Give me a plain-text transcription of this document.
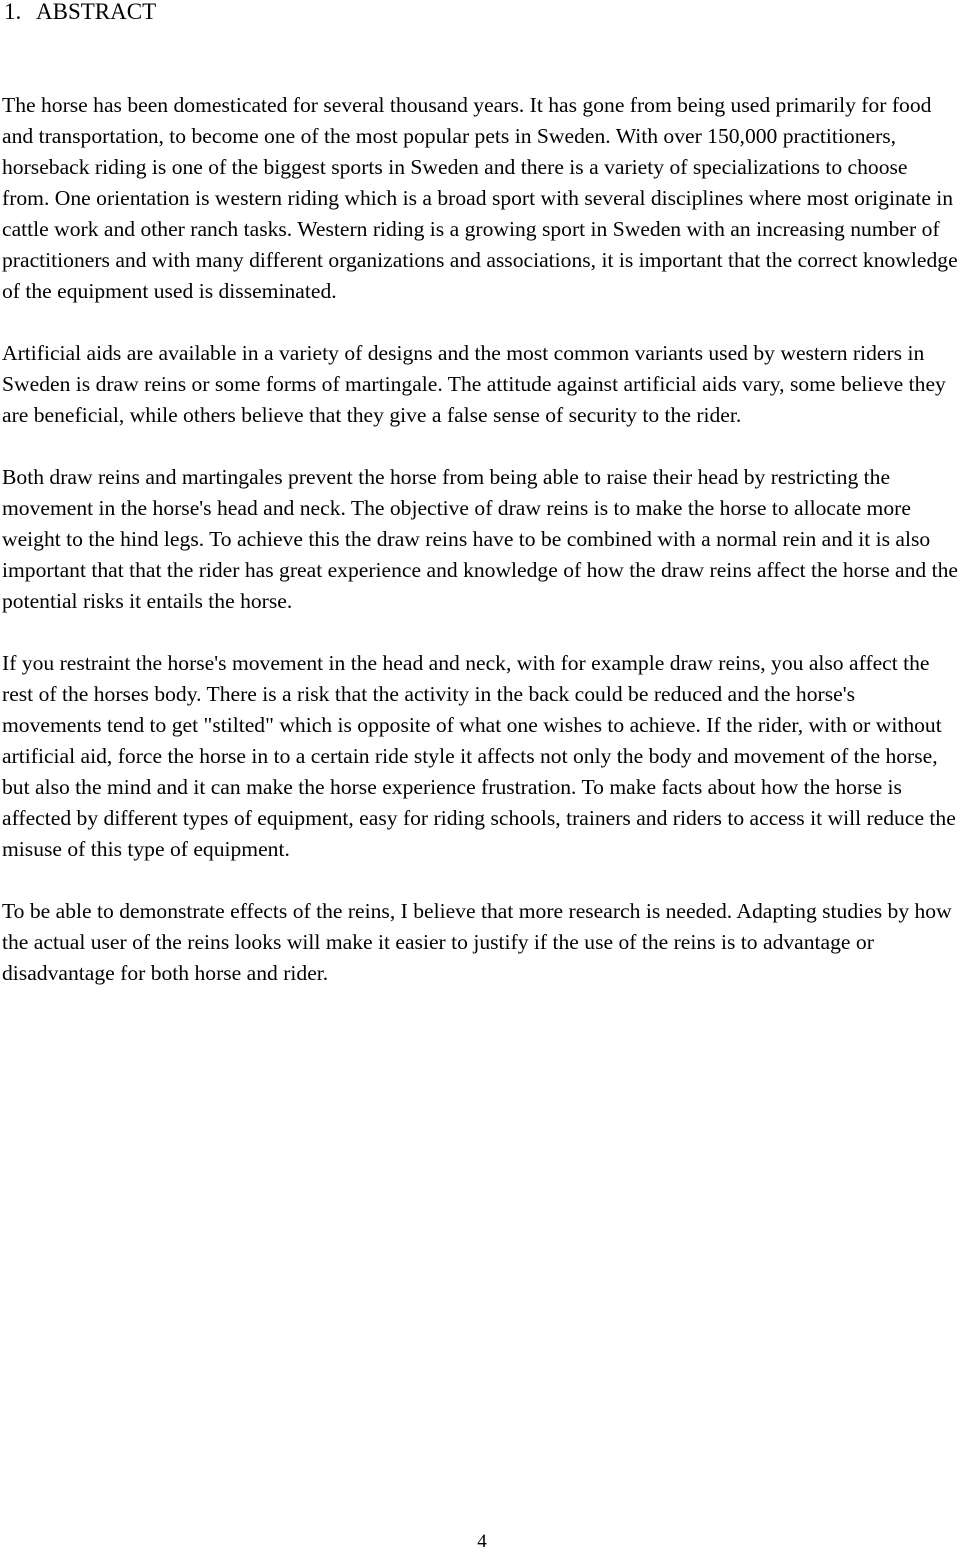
1. ABSTRACT

The horse has been domesticated for several thousand years. It has gone from being used primarily for food and transportation, to become one of the most popular pets in Sweden. With over 150,000 practitioners, horseback riding is one of the biggest sports in Sweden and there is a variety of specializations to choose from. One orientation is western riding which is a broad sport with several disciplines where most originate in cattle work and other ranch tasks. Western riding is a growing sport in Sweden with an increasing number of practitioners and with many different organizations and associations, it is important that the correct knowledge of the equipment used is disseminated.

Artificial aids are available in a variety of designs and the most common variants used by western riders in Sweden is draw reins or some forms of martingale. The attitude against artificial aids vary, some believe they are beneficial, while others believe that they give a false sense of security to the rider.

Both draw reins and martingales prevent the horse from being able to raise their head by restricting the movement in the horse's head and neck. The objective of draw reins is to make the horse to allocate more weight to the hind legs. To achieve this the draw reins have to be combined with a normal rein and it is also important that that the rider has great experience and knowledge of how the draw reins affect the horse and the potential risks it entails the horse.

If you restraint the horse's movement in the head and neck, with for example draw reins, you also affect the rest of the horses body. There is a risk that the activity in the back could be reduced and the horse's movements tend to get "stilted" which is opposite of what one wishes to achieve. If the rider, with or without artificial aid, force the horse in to a certain ride style it affects not only the body and movement of the horse, but also the mind and it can make the horse experience frustration. To make facts about how the horse is affected by different types of equipment, easy for riding schools, trainers and riders to access it will reduce the misuse of this type of equipment.

To be able to demonstrate effects of the reins, I believe that more research is needed. Adapting studies by how the actual user of the reins looks will make it easier to justify if the use of the reins is to advantage or disadvantage for both horse and rider.

4
